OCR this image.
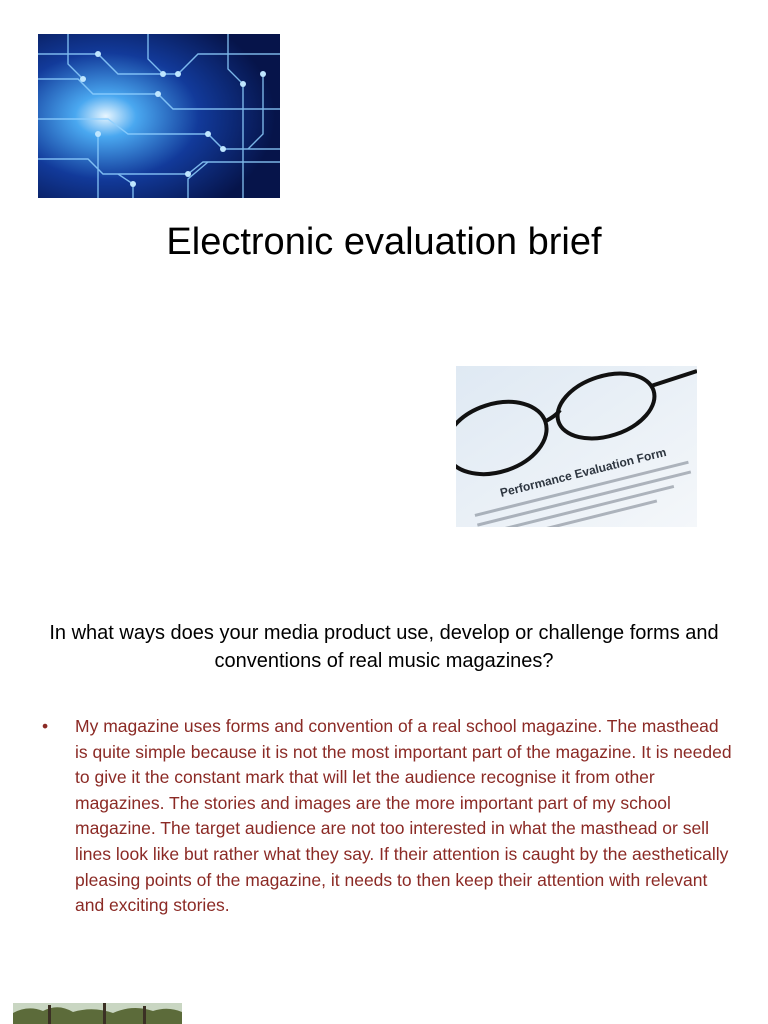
Electronic evaluation brief
Performance Evaluation Form

In what ways does your media product use, develop or challenge forms and conventions of real music magazines?

• My magazine uses forms and convention of a real school magazine. The masthead is quite simple because it is not the most important part of the magazine. It is needed to give it the constant mark that will let the audience recognise it from other magazines. The stories and images are the more important part of my school magazine. The target audience are not too interested in what the masthead or sell lines look like but rather what they say. If their attention is caught by the aesthetically pleasing points of the magazine, it needs to then keep their attention with relevant and exciting stories.
